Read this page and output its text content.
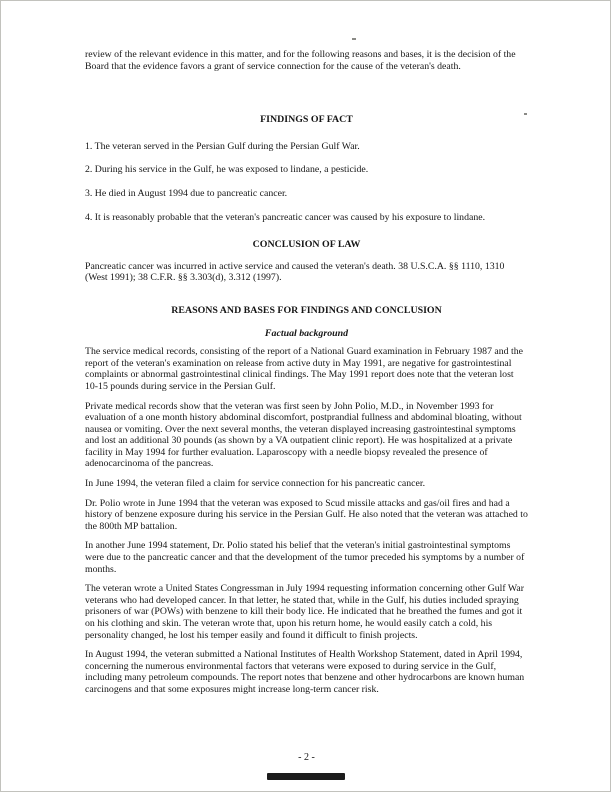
review of the relevant evidence in this matter, and for the following reasons and bases, it is the decision of the Board that the evidence favors a grant of service connection for the cause of the veteran's death.

FINDINGS OF FACT

1. The veteran served in the Persian Gulf during the Persian Gulf War.

2. During his service in the Gulf, he was exposed to lindane, a pesticide.

3. He died in August 1994 due to pancreatic cancer.

4. It is reasonably probable that the veteran's pancreatic cancer was caused by his exposure to lindane.

CONCLUSION OF LAW

Pancreatic cancer was incurred in active service and caused the veteran's death. 38 U.S.C.A. §§ 1110, 1310 (West 1991); 38 C.F.R. §§ 3.303(d), 3.312 (1997).

REASONS AND BASES FOR FINDINGS AND CONCLUSION
Factual background

The service medical records, consisting of the report of a National Guard examination in February 1987 and the report of the veteran's examination on release from active duty in May 1991, are negative for gastrointestinal complaints or abnormal gastrointestinal clinical findings. The May 1991 report does note that the veteran lost 10-15 pounds during service in the Persian Gulf.

Private medical records show that the veteran was first seen by John Polio, M.D., in November 1993 for evaluation of a one month history abdominal discomfort, postprandial fullness and abdominal bloating, without nausea or vomiting. Over the next several months, the veteran displayed increasing gastrointestinal symptoms and lost an additional 30 pounds (as shown by a VA outpatient clinic report). He was hospitalized at a private facility in May 1994 for further evaluation. Laparoscopy with a needle biopsy revealed the presence of adenocarcinoma of the pancreas.

In June 1994, the veteran filed a claim for service connection for his pancreatic cancer.

Dr. Polio wrote in June 1994 that the veteran was exposed to Scud missile attacks and gas/oil fires and had a history of benzene exposure during his service in the Persian Gulf. He also noted that the veteran was attached to the 800th MP battalion.

In another June 1994 statement, Dr. Polio stated his belief that the veteran's initial gastrointestinal symptoms were due to the pancreatic cancer and that the development of the tumor preceded his symptoms by a number of months.

The veteran wrote a United States Congressman in July 1994 requesting information concerning other Gulf War veterans who had developed cancer. In that letter, he stated that, while in the Gulf, his duties included spraying prisoners of war (POWs) with benzene to kill their body lice. He indicated that he breathed the fumes and got it on his clothing and skin. The veteran wrote that, upon his return home, he would easily catch a cold, his personality changed, he lost his temper easily and found it difficult to finish projects.

In August 1994, the veteran submitted a National Institutes of Health Workshop Statement, dated in April 1994, concerning the numerous environmental factors that veterans were exposed to during service in the Gulf, including many petroleum compounds. The report notes that benzene and other hydrocarbons are known human carcinogens and that some exposures might increase long-term cancer risk.

- 2 -
